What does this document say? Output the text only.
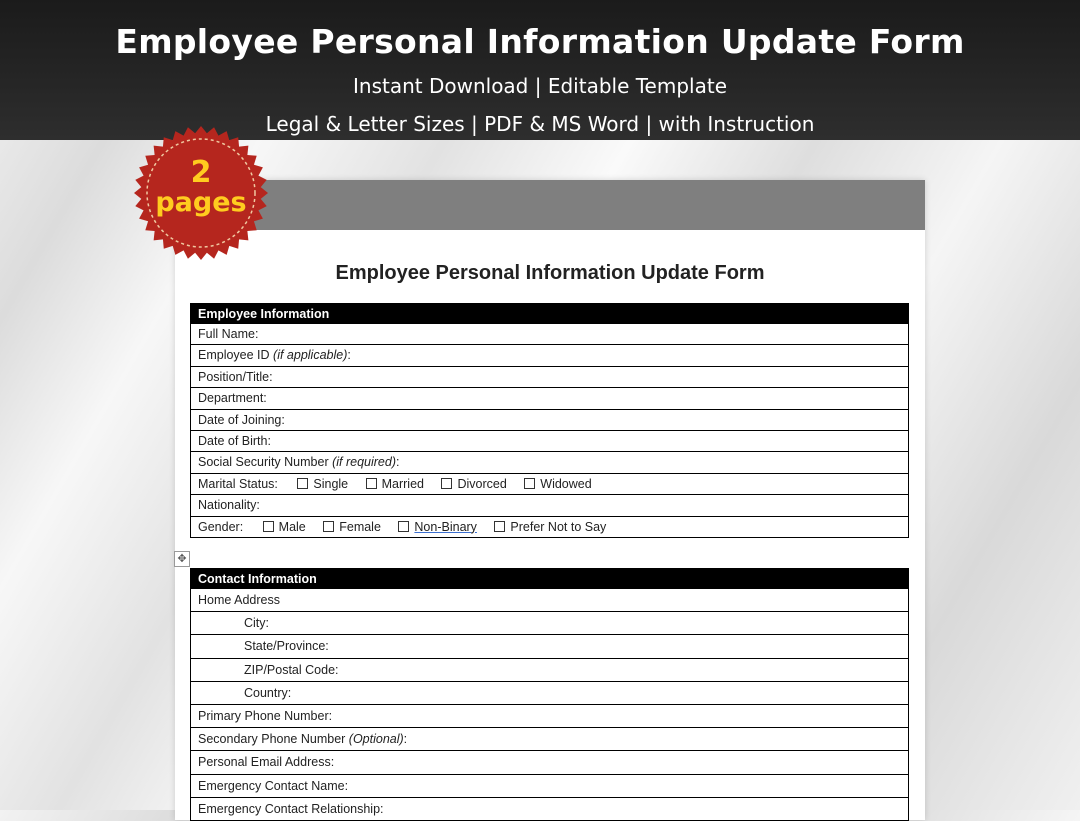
Employee Personal Information Update Form
Instant Download | Editable Template
Legal & Letter Sizes | PDF & MS Word | with Instruction
Employee Personal Information Update Form
Employee Information
Full Name:
Employee ID (if applicable):
Position/Title:
Department:
Date of Joining:
Date of Birth:
Social Security Number (if required):
Marital Status:	Single	Married	Divorced	Widowed
Nationality:
Gender:	Male	Female	Non-Binary	Prefer Not to Say
Contact Information
Home Address
City:
State/Province:
ZIP/Postal Code:
Country:
Primary Phone Number:
Secondary Phone Number (Optional):
Personal Email Address:
Emergency Contact Name:
Emergency Contact Relationship:
✥
2
pages
